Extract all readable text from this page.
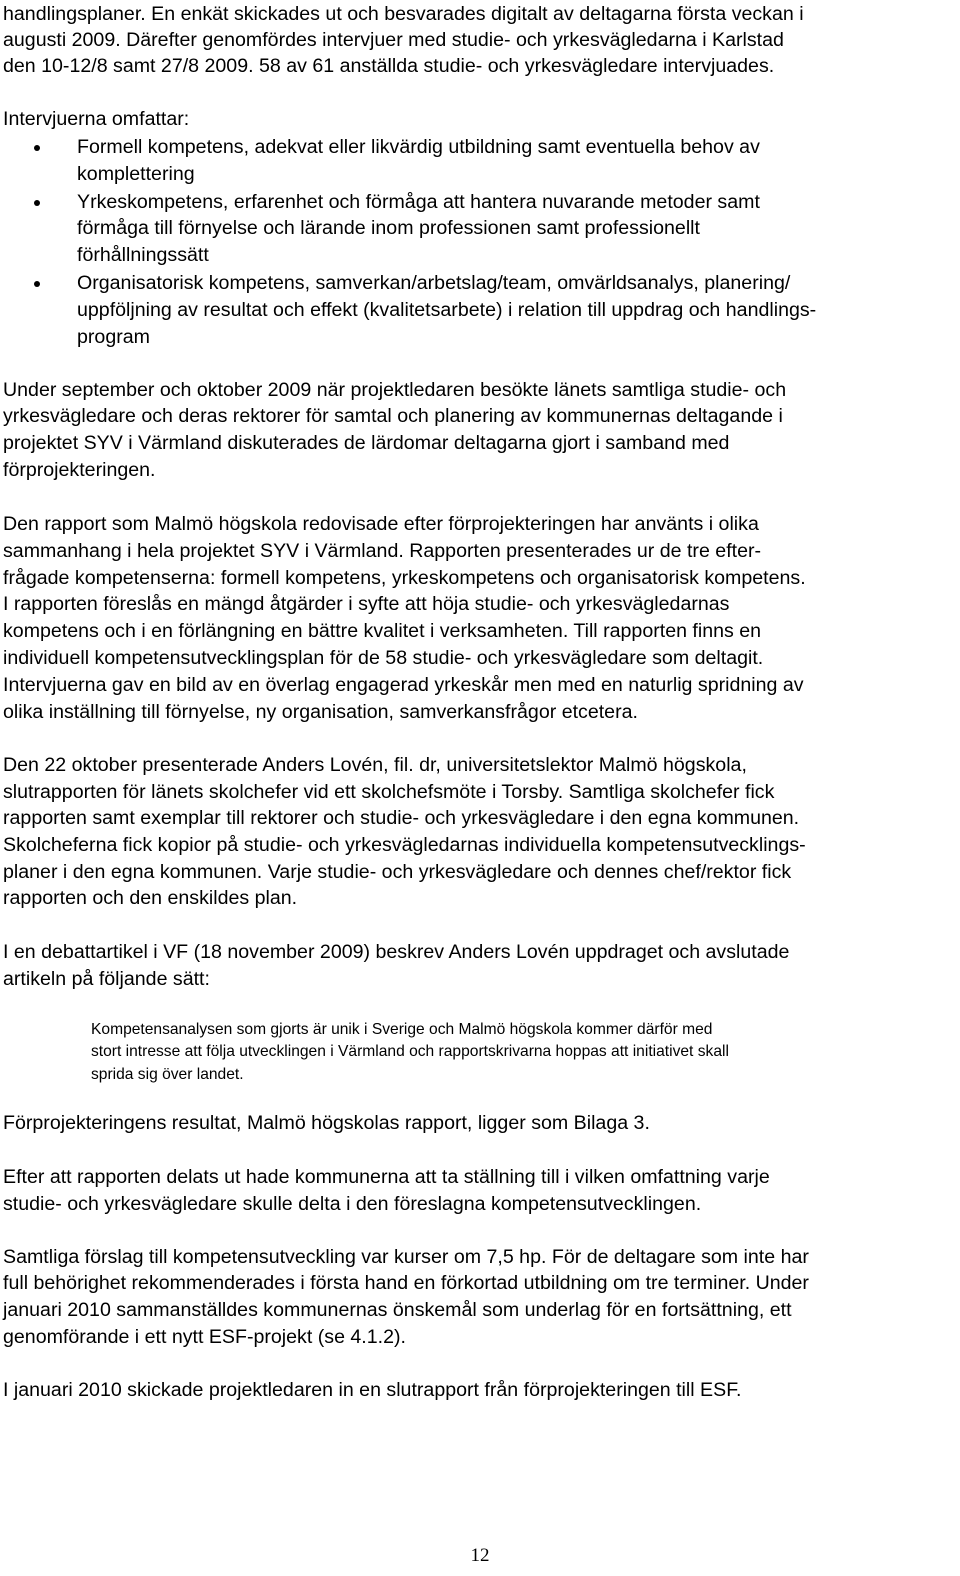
handlingsplaner. En enkät skickades ut och besvarades digitalt av deltagarna första veckan i

augusti 2009. Därefter genomfördes intervjuer med studie- och yrkesvägledarna i Karlstad

den 10-12/8 samt 27/8 2009. 58 av 61 anställda studie- och yrkesvägledare intervjuades.

Intervjuerna omfattar:

Formell kompetens, adekvat eller likvärdig utbildning samt eventuella behov av

komplettering

Yrkeskompetens, erfarenhet och förmåga att hantera nuvarande metoder samt

förmåga till förnyelse och lärande inom professionen samt professionellt

förhållningssätt

Organisatorisk kompetens, samverkan/arbetslag/team, omvärldsanalys, planering/

uppföljning av resultat och effekt (kvalitetsarbete) i relation till uppdrag och handlings-

program

Under september och oktober 2009 när projektledaren besökte länets samtliga studie- och

yrkesvägledare och deras rektorer för samtal och planering av kommunernas deltagande i

projektet SYV i Värmland diskuterades de lärdomar deltagarna gjort i samband med

förprojekteringen.

Den rapport som Malmö högskola redovisade efter förprojekteringen har använts i olika

sammanhang i hela projektet SYV i Värmland. Rapporten presenterades ur de tre efter-

frågade kompetenserna: formell kompetens, yrkeskompetens och organisatorisk kompetens.

I rapporten föreslås en mängd åtgärder i syfte att höja studie- och yrkesvägledarnas

kompetens och i en förlängning en bättre kvalitet i verksamheten. Till rapporten finns en

individuell kompetensutvecklingsplan för de 58 studie- och yrkesvägledare som deltagit.

Intervjuerna gav en bild av en överlag engagerad yrkeskår men med en naturlig spridning av

olika inställning till förnyelse, ny organisation, samverkansfrågor etcetera.

Den 22 oktober presenterade Anders Lovén, fil. dr, universitetslektor Malmö högskola,

slutrapporten för länets skolchefer vid ett skolchefsmöte i Torsby. Samtliga skolchefer fick

rapporten samt exemplar till rektorer och studie- och yrkesvägledare i den egna kommunen.

Skolcheferna fick kopior på studie- och yrkesvägledarnas individuella kompetensutvecklings-

planer i den egna kommunen. Varje studie- och yrkesvägledare och dennes chef/rektor fick

rapporten och den enskildes plan.

I en debattartikel i VF (18 november 2009) beskrev Anders Lovén uppdraget och avslutade

artikeln på följande sätt:

Kompetensanalysen som gjorts är unik i Sverige och Malmö högskola kommer därför med

stort intresse att följa utvecklingen i Värmland och rapportskrivarna hoppas att initiativet skall

sprida sig över landet.

Förprojekteringens resultat, Malmö högskolas rapport, ligger som Bilaga 3.

Efter att rapporten delats ut hade kommunerna att ta ställning till i vilken omfattning varje

studie- och yrkesvägledare skulle delta i den föreslagna kompetensutvecklingen.

Samtliga förslag till kompetensutveckling var kurser om 7,5 hp. För de deltagare som inte har

full behörighet rekommenderades i första hand en förkortad utbildning om tre terminer. Under

januari 2010 sammanställdes kommunernas önskemål som underlag för en fortsättning, ett

genomförande i ett nytt ESF-projekt (se 4.1.2).

I januari 2010 skickade projektledaren in en slutrapport från förprojekteringen till ESF.

12
